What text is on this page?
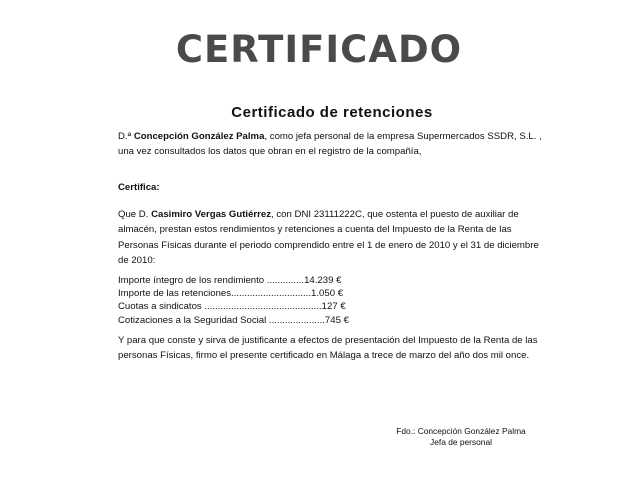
CERTIFICADO
Certificado de retenciones
D.ª Concepción González Palma, como jefa personal de la empresa Supermercados SSDR, S.L. , una vez consultados los datos que obran en el registro de la compañía,
Certifica:
Que D. Casimiro Vergas Gutiérrez, con DNI 23111222C, que ostenta el puesto de auxiliar de almacén, prestan estos rendimientos y retenciones a cuenta del Impuesto de la Renta de las Personas Físicas durante el periodo comprendido entre el 1 de enero de 2010 y el 31 de diciembre de 2010:
Importe íntegro de los rendimiento ..............14.239 €
Importe de las retenciones..............................1.050 €
Cuotas a sindicatos ............................................127 €
Cotizaciones a la Seguridad Social .....................745 €
Y para que conste y sirva de justificante a efectos de presentación del Impuesto de la Renta de las personas Físicas, firmo el presente certificado en Málaga a trece de marzo del año dos mil once.
Fdo.: Concepción González Palma
Jefa de personal
